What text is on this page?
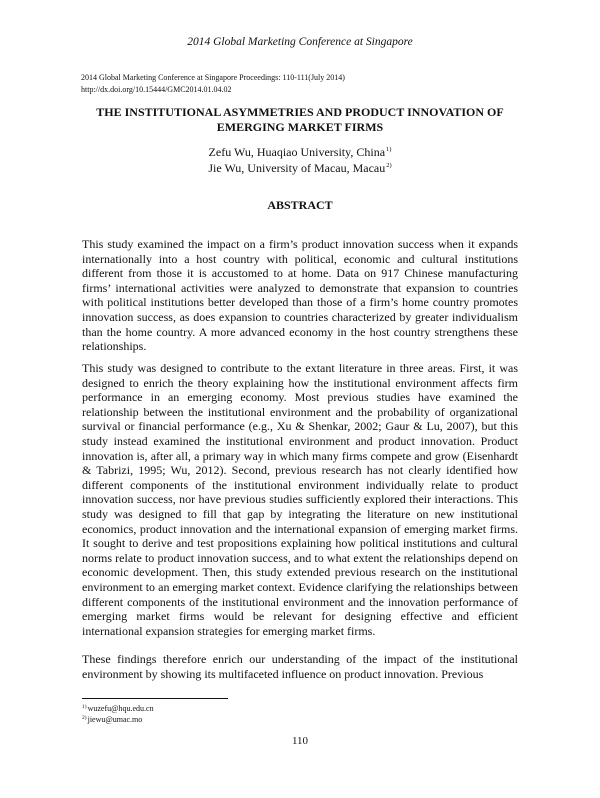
2014 Global Marketing Conference at Singapore
2014 Global Marketing Conference at Singapore Proceedings: 110-111(July 2014)
http://dx.doi.org/10.15444/GMC2014.01.04.02
THE INSTITUTIONAL ASYMMETRIES AND PRODUCT INNOVATION OF
EMERGING MARKET FIRMS
Zefu Wu, Huaqiao University, China$^{1)}$
Jie Wu, University of Macau, Macau$^{2)}$
ABSTRACT

This study examined the impact on a firm’s product innovation success when it expands internationally into a host country with political, economic and cultural institutions different from those it is accustomed to at home. Data on 917 Chinese manufacturing firms’ international activities were analyzed to demonstrate that expansion to countries with political institutions better developed than those of a firm’s home country promotes innovation success, as does expansion to countries characterized by greater individualism than the home country. A more advanced economy in the host country strengthens these relationships.

This study was designed to contribute to the extant literature in three areas. First, it was designed to enrich the theory explaining how the institutional environment affects firm performance in an emerging economy. Most previous studies have examined the relationship between the institutional environment and the probability of organizational survival or financial performance (e.g., Xu & Shenkar, 2002; Gaur & Lu, 2007), but this study instead examined the institutional environment and product innovation. Product innovation is, after all, a primary way in which many firms compete and grow (Eisenhardt & Tabrizi, 1995; Wu, 2012). Second, previous research has not clearly identified how different components of the institutional environment individually relate to product innovation success, nor have previous studies sufficiently explored their interactions. This study was designed to fill that gap by integrating the literature on new institutional economics, product innovation and the international expansion of emerging market firms. It sought to derive and test propositions explaining how political institutions and cultural norms relate to product innovation success, and to what extent the relationships depend on economic development. Then, this study extended previous research on the institutional environment to an emerging market context. Evidence clarifying the relationships between different components of the institutional environment and the innovation performance of emerging market firms would be relevant for designing effective and efficient international expansion strategies for emerging market firms.

These findings therefore enrich our understanding of the impact of the institutional environment by showing its multifaceted influence on product innovation. Previous

$^{1)}$wuzefu@hqu.edu.cn
$^{2)}$jiewu@umac.mo
110
